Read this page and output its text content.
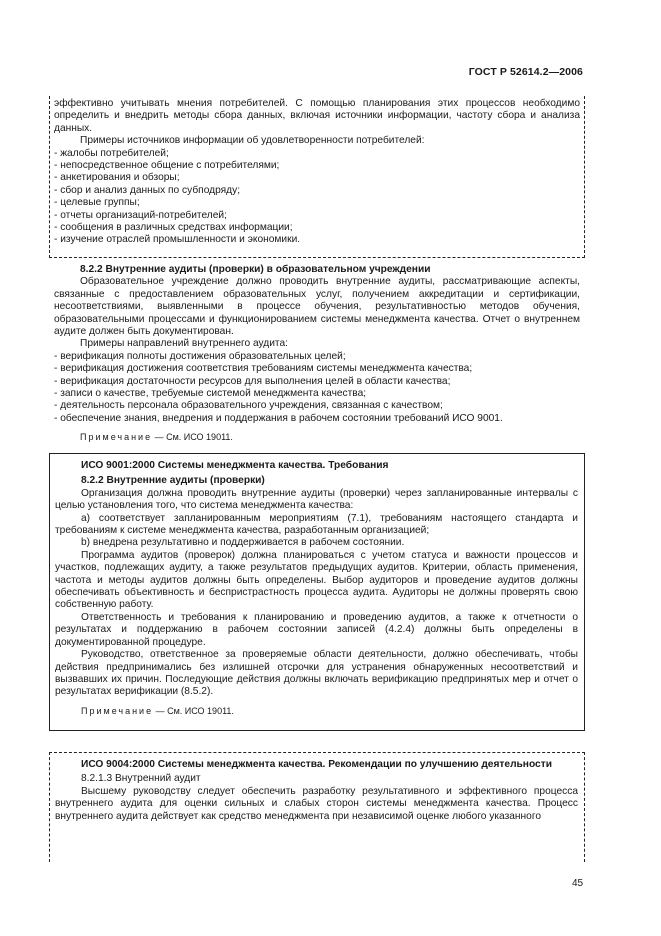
ГОСТ Р 52614.2—2006

эффективно учитывать мнения потребителей. С помощью планирования этих процессов необходимо определить и внедрить методы сбора данных, включая источники информации, частоту сбора и анализа данных.

Примеры источников информации об удовлетворенности потребителей:

- жалобы потребителей;
- непосредственное общение с потребителями;
- анкетирования и обзоры;
- сбор и анализ данных по субподряду;
- целевые группы;
- отчеты организаций-потребителей;
- сообщения в различных средствах информации;
- изучение отраслей промышленности и экономики.

8.2.2 Внутренние аудиты (проверки) в образовательном учреждении

Образовательное учреждение должно проводить внутренние аудиты, рассматривающие аспекты, связанные с предоставлением образовательных услуг, получением аккредитации и сертификации, несоответствиями, выявленными в процессе обучения, результативностью методов обучения, образовательными процессами и функционированием системы менеджмента качества. Отчет о внутреннем аудите должен быть документирован.

Примеры направлений внутреннего аудита:

- верификация полноты достижения образовательных целей;
- верификация достижения соответствия требованиям системы менеджмента качества;
- верификация достаточности ресурсов для выполнения целей в области качества;
- записи о качестве, требуемые системой менеджмента качества;
- деятельность персонала образовательного учреждения, связанная с качеством;
- обеспечение знания, внедрения и поддержания в рабочем состоянии требований ИСО 9001.

Примечание — См. ИСО 19011.

ИСО 9001:2000 Системы менеджмента качества. Требования

8.2.2 Внутренние аудиты (проверки)

Организация должна проводить внутренние аудиты (проверки) через запланированные интервалы с целью установления того, что система менеджмента качества:

а) соответствует запланированным мероприятиям (7.1), требованиям настоящего стандарта и требованиям к системе менеджмента качества, разработанным организацией;

b) внедрена результативно и поддерживается в рабочем состоянии.

Программа аудитов (проверок) должна планироваться с учетом статуса и важности процессов и участков, подлежащих аудиту, а также результатов предыдущих аудитов. Критерии, область применения, частота и методы аудитов должны быть определены. Выбор аудиторов и проведение аудитов должны обеспечивать объективность и беспристрастность процесса аудита. Аудиторы не должны проверять свою собственную работу.

Ответственность и требования к планированию и проведению аудитов, а также к отчетности о результатах и поддержанию в рабочем состоянии записей (4.2.4) должны быть определены в документированной процедуре.

Руководство, ответственное за проверяемые области деятельности, должно обеспечивать, чтобы действия предпринимались без излишней отсрочки для устранения обнаруженных несоответствий и вызвавших их причин. Последующие действия должны включать верификацию предпринятых мер и отчет о результатах верификации (8.5.2).

Примечание — См. ИСО 19011.

ИСО 9004:2000 Системы менеджмента качества. Рекомендации по улучшению деятельности

8.2.1.3 Внутренний аудит

Высшему руководству следует обеспечить разработку результативного и эффективного процесса внутреннего аудита для оценки сильных и слабых сторон системы менеджмента качества. Процесс внутреннего аудита действует как средство менеджмента при независимой оценке любого указанного

45
